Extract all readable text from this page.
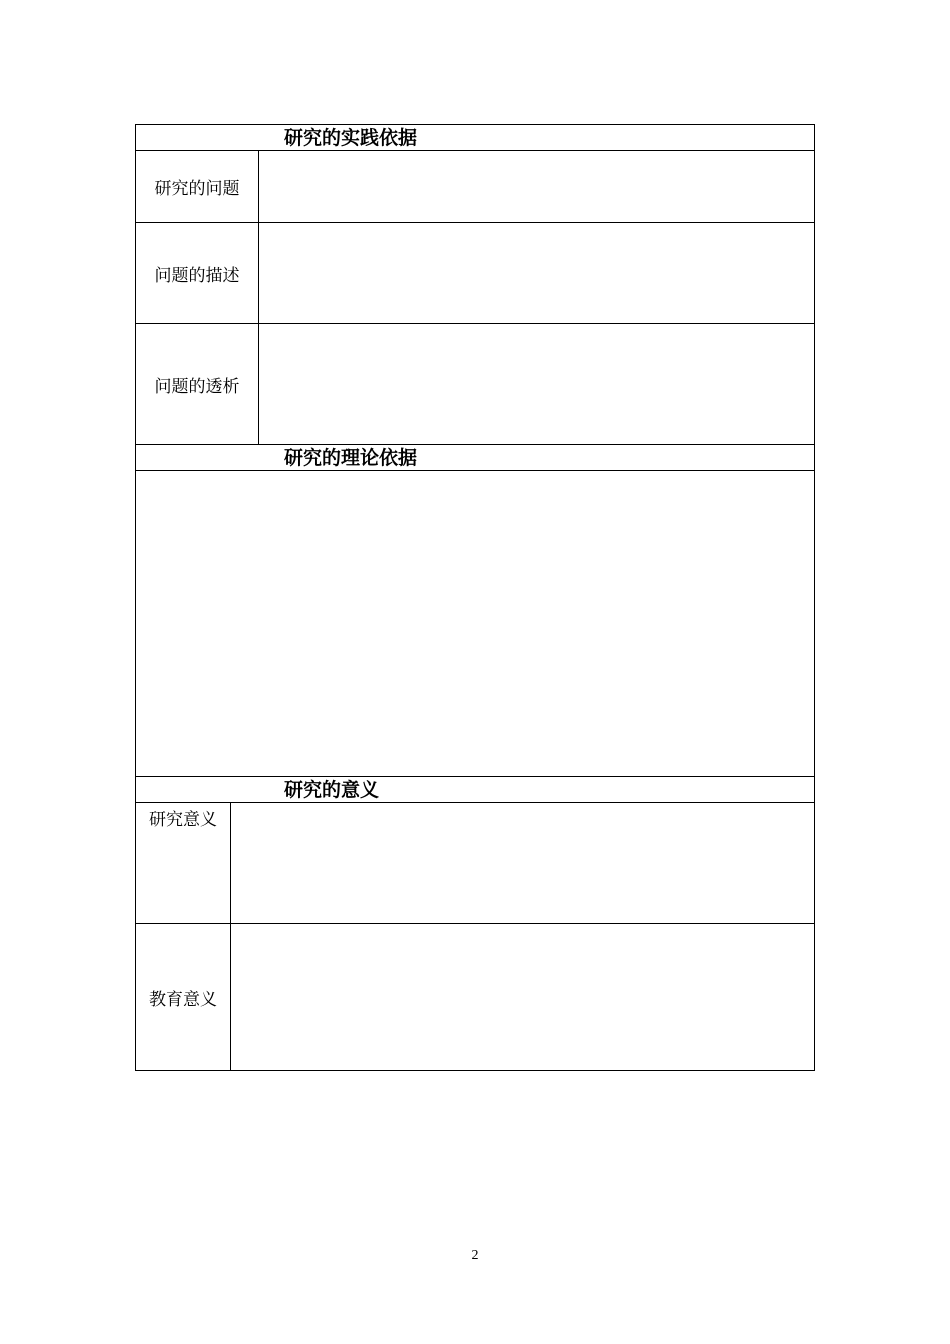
研究的实践依据
研究的问题
问题的描述
问题的透析
研究的理论依据
研究的意义
研究意义
教育意义
2
